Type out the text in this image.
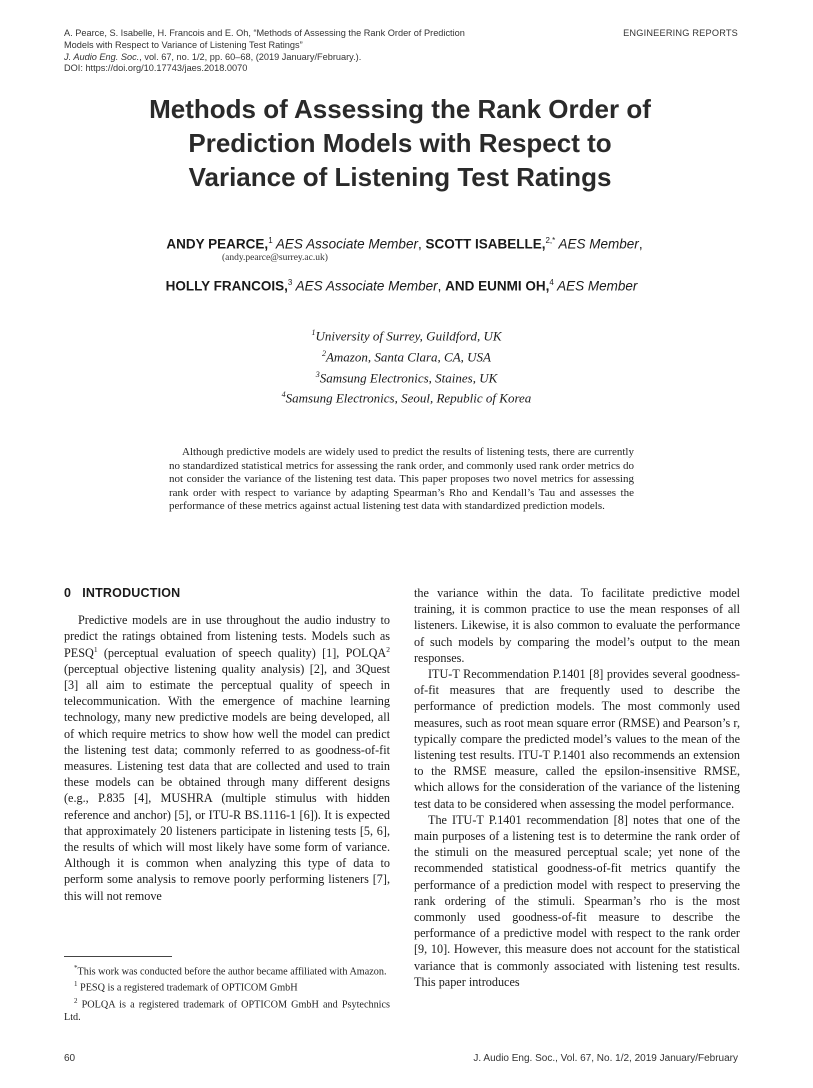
A. Pearce, S. Isabelle, H. Francois and E. Oh, “Methods of Assessing the Rank Order of Prediction
Models with Respect to Variance of Listening Test Ratings”
J. Audio Eng. Soc., vol. 67, no. 1/2, pp. 60–68, (2019 January/February.).
DOI: https://doi.org/10.17743/jaes.2018.0070
ENGINEERING REPORTS
Methods of Assessing the Rank Order of
Prediction Models with Respect to
Variance of Listening Test Ratings
ANDY PEARCE,$^1$ AES Associate Member, SCOTT ISABELLE,$^{2,*}$ AES Member,
(andy.pearce@surrey.ac.uk)
HOLLY FRANCOIS,$^3$ AES Associate Member, AND EUNMI OH,$^4$ AES Member
$^1$University of Surrey, Guildford, UK
$^2$Amazon, Santa Clara, CA, USA
$^3$Samsung Electronics, Staines, UK
$^4$Samsung Electronics, Seoul, Republic of Korea

Although predictive models are widely used to predict the results of listening tests, there are currently no standardized statistical metrics for assessing the rank order, and commonly used rank order metrics do not consider the variance of the listening test data. This paper proposes two novel metrics for assessing rank order with respect to variance by adapting Spearman’s Rho and Kendall’s Tau and assesses the performance of these metrics against actual listening test data with standardized prediction models.

0 INTRODUCTION

Predictive models are in use throughout the audio industry to predict the ratings obtained from listening tests. Models such as PESQ$^1$ (perceptual evaluation of speech quality) [1], POLQA$^2$ (perceptual objective listening quality analysis) [2], and 3Quest [3] all aim to estimate the perceptual quality of speech in telecommunication. With the emergence of machine learning technology, many new predictive models are being developed, all of which require metrics to show how well the model can predict the listening test data; commonly referred to as goodness-of-fit measures. Listening test data that are collected and used to train these models can be obtained through many different designs (e.g., P.835 [4], MUSHRA (multiple stimulus with hidden reference and anchor) [5], or ITU-R BS.1116-1 [6]). It is expected that approximately 20 listeners participate in listening tests [5, 6], the results of which will most likely have some form of variance. Although it is common when analyzing this type of data to perform some analysis to remove poorly performing listeners [7], this will not remove

*This work was conducted before the author became affiliated with Amazon.

$^1$ PESQ is a registered trademark of OPTICOM GmbH

$^2$ POLQA is a registered trademark of OPTICOM GmbH and Psytechnics Ltd.

the variance within the data. To facilitate predictive model training, it is common practice to use the mean responses of all listeners. Likewise, it is also common to evaluate the performance of such models by comparing the model’s output to the mean responses.

ITU-T Recommendation P.1401 [8] provides several goodness-of-fit measures that are frequently used to describe the performance of prediction models. The most commonly used measures, such as root mean square error (RMSE) and Pearson’s r, typically compare the predicted model’s values to the mean of the listening test results. ITU-T P.1401 also recommends an extension to the RMSE measure, called the epsilon-insensitive RMSE, which allows for the consideration of the variance of the listening test data to be considered when assessing the model performance.

The ITU-T P.1401 recommendation [8] notes that one of the main purposes of a listening test is to determine the rank order of the stimuli on the measured perceptual scale; yet none of the recommended statistical goodness-of-fit metrics quantify the performance of a prediction model with respect to preserving the rank ordering of the stimuli. Spearman’s rho is the most commonly used goodness-of-fit measure to describe the performance of a predictive model with respect to the rank order [9, 10]. However, this measure does not account for the statistical variance that is commonly associated with listening test results. This paper introduces

60	J. Audio Eng. Soc., Vol. 67, No. 1/2, 2019 January/February
